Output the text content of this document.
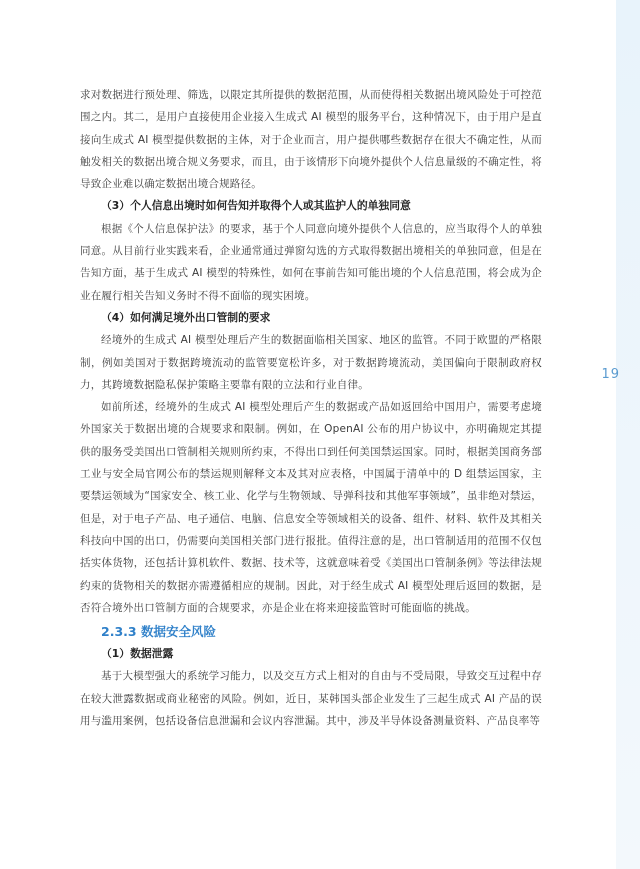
19

求对数据进行预处理、筛选，以限定其所提供的数据范围，从而使得相关数据出境风险处于可控范围之内。其二，是用户直接使用企业接入生成式 AI 模型的服务平台，这种情况下，由于用户是直接向生成式 AI 模型提供数据的主体，对于企业而言，用户提供哪些数据存在很大不确定性，从而触发相关的数据出境合规义务要求，而且，由于该情形下向境外提供个人信息量级的不确定性，将导致企业难以确定数据出境合规路径。

（3）个人信息出境时如何告知并取得个人或其监护人的单独同意

根据《个人信息保护法》的要求，基于个人同意向境外提供个人信息的，应当取得个人的单独同意。从目前行业实践来看，企业通常通过弹窗勾选的方式取得数据出境相关的单独同意，但是在告知方面，基于生成式 AI 模型的特殊性，如何在事前告知可能出境的个人信息范围，将会成为企业在履行相关告知义务时不得不面临的现实困境。

（4）如何满足境外出口管制的要求

经境外的生成式 AI 模型处理后产生的数据面临相关国家、地区的监管。不同于欧盟的严格限制，例如美国对于数据跨境流动的监管要宽松许多，对于数据跨境流动，美国偏向于限制政府权力，其跨境数据隐私保护策略主要靠有限的立法和行业自律。

如前所述，经境外的生成式 AI 模型处理后产生的数据或产品如返回给中国用户，需要考虑境外国家关于数据出境的合规要求和限制。例如，在 OpenAI 公布的用户协议中，亦明确规定其提供的服务受美国出口管制相关规则所约束，不得出口到任何美国禁运国家。同时，根据美国商务部工业与安全局官网公布的禁运规则解释文本及其对应表格，中国属于清单中的 D 组禁运国家，主要禁运领域为“国家安全、核工业、化学与生物领域、导弹科技和其他军事领域”，虽非绝对禁运，但是，对于电子产品、电子通信、电脑、信息安全等领域相关的设备、组件、材料、软件及其相关科技向中国的出口，仍需要向美国相关部门进行报批。值得注意的是，出口管制适用的范围不仅包括实体货物，还包括计算机软件、数据、技术等，这就意味着受《美国出口管制条例》等法律法规约束的货物相关的数据亦需遵循相应的规制。因此，对于经生成式 AI 模型处理后返回的数据，是否符合境外出口管制方面的合规要求，亦是企业在将来迎接监管时可能面临的挑战。

2.3.3 数据安全风险
（1）数据泄露

基于大模型强大的系统学习能力，以及交互方式上相对的自由与不受局限，导致交互过程中存在较大泄露数据或商业秘密的风险。例如，近日，某韩国头部企业发生了三起生成式 AI 产品的误用与滥用案例，包括设备信息泄漏和会议内容泄漏。其中，涉及半导体设备测量资料、产品良率等
